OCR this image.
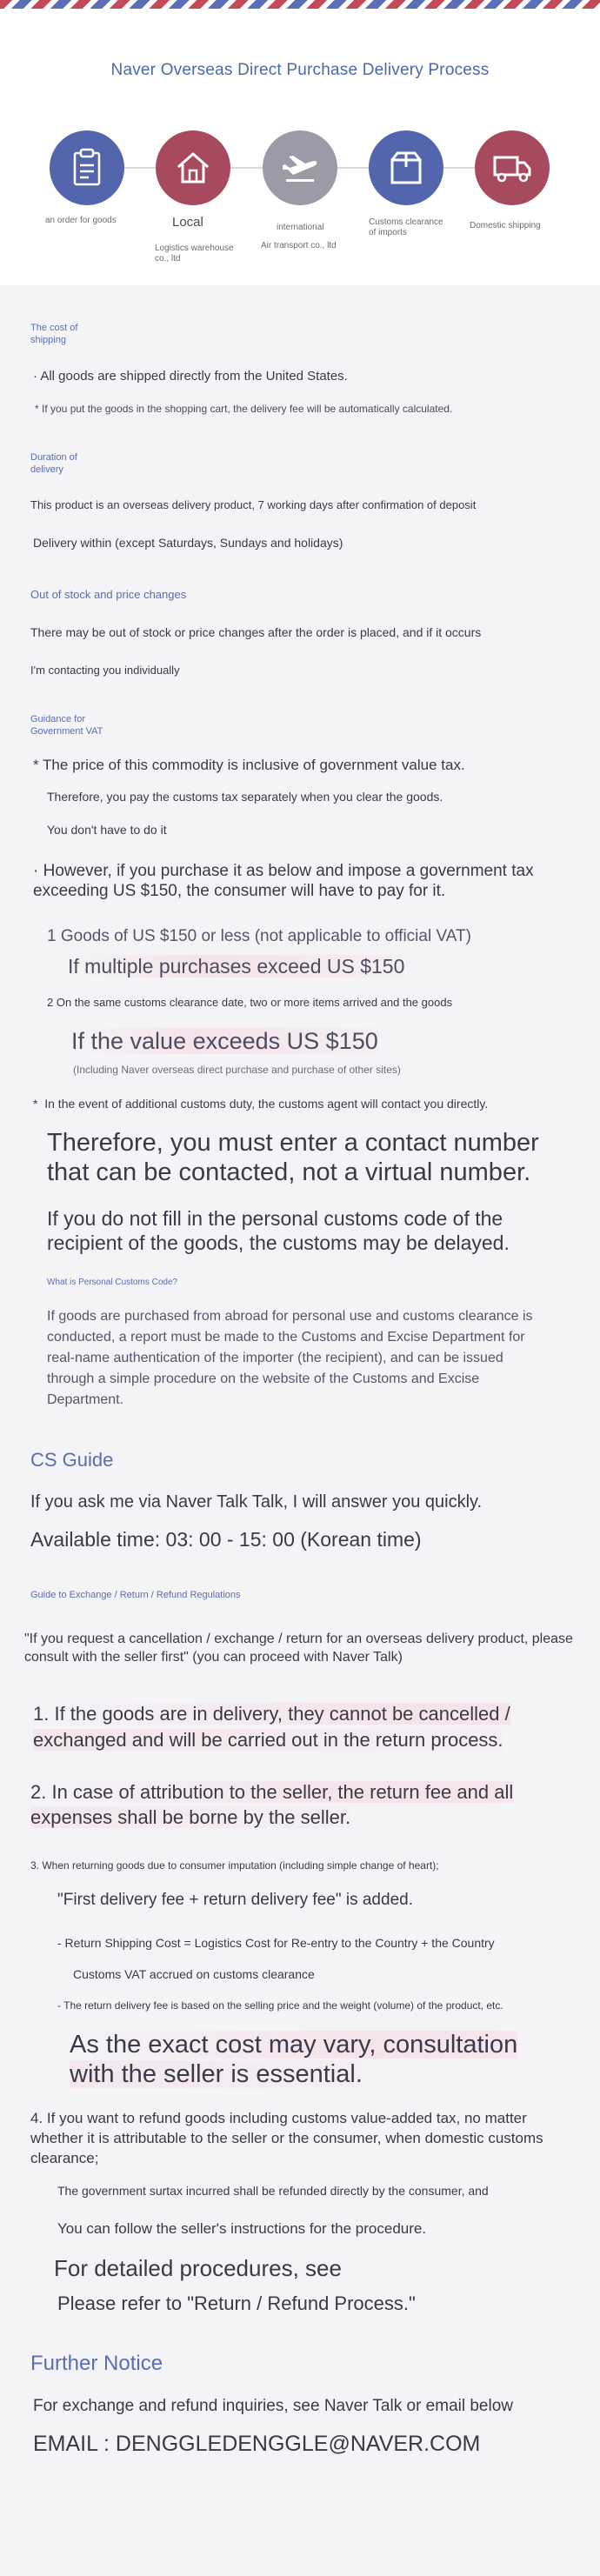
Naver Overseas Direct Purchase Delivery Process
an order for goods	Local
Logistics warehouse co., ltd
international
Air transport co., ltd
Customs clearance of imports
Domestic shipping
The cost of shipping
· All goods are shipped directly from the United States.
* If you put the goods in the shopping cart, the delivery fee will be automatically calculated.
Duration of delivery
This product is an overseas delivery product, 7 working days after confirmation of deposit
Delivery within (except Saturdays, Sundays and holidays)
Out of stock and price changes
There may be out of stock or price changes after the order is placed, and if it occurs
I'm contacting you individually
Guidance for Government VAT
* The price of this commodity is inclusive of government value tax.
Therefore, you pay the customs tax separately when you clear the goods.
You don't have to do it
· However, if you purchase it as below and impose a government tax exceeding US $150, the consumer will have to pay for it.
1 Goods of US $150 or less (not applicable to official VAT)
If multiple purchases exceed US $150
2 On the same customs clearance date, two or more items arrived and the goods
If the value exceeds US $150
(Including Naver overseas direct purchase and purchase of other sites)
*  In the event of additional customs duty, the customs agent will contact you directly.
Therefore, you must enter a contact number that can be contacted, not a virtual number.
If you do not fill in the personal customs code of the recipient of the goods, the customs may be delayed.
What is Personal Customs Code?
If goods are purchased from abroad for personal use and customs clearance is conducted, a report must be made to the Customs and Excise Department for real-name authentication of the importer (the recipient), and can be issued through a simple procedure on the website of the Customs and Excise Department.
CS Guide
If you ask me via Naver Talk Talk, I will answer you quickly.
Available time: 03: 00 - 15: 00 (Korean time)
Guide to Exchange / Return / Refund Regulations
"If you request a cancellation / exchange / return for an overseas delivery product, please consult with the seller first" (you can proceed with Naver Talk)
1. If the goods are in delivery, they cannot be cancelled / exchanged and will be carried out in the return process.
2. In case of attribution to the seller, the return fee and all expenses shall be borne by the seller.
3. When returning goods due to consumer imputation (including simple change of heart);
"First delivery fee + return delivery fee" is added.
- Return Shipping Cost = Logistics Cost for Re-entry to the Country + the Country
Customs VAT accrued on customs clearance
- The return delivery fee is based on the selling price and the weight (volume) of the product, etc.
As the exact cost may vary, consultation with the seller is essential.
4. If you want to refund goods including customs value-added tax, no matter whether it is attributable to the seller or the consumer, when domestic customs clearance;
The government surtax incurred shall be refunded directly by the consumer, and
You can follow the seller's instructions for the procedure.
For detailed procedures, see
Please refer to "Return / Refund Process."
Further Notice
For exchange and refund inquiries, see Naver Talk or email below
EMAIL : DENGGLEDENGGLE@NAVER.COM
